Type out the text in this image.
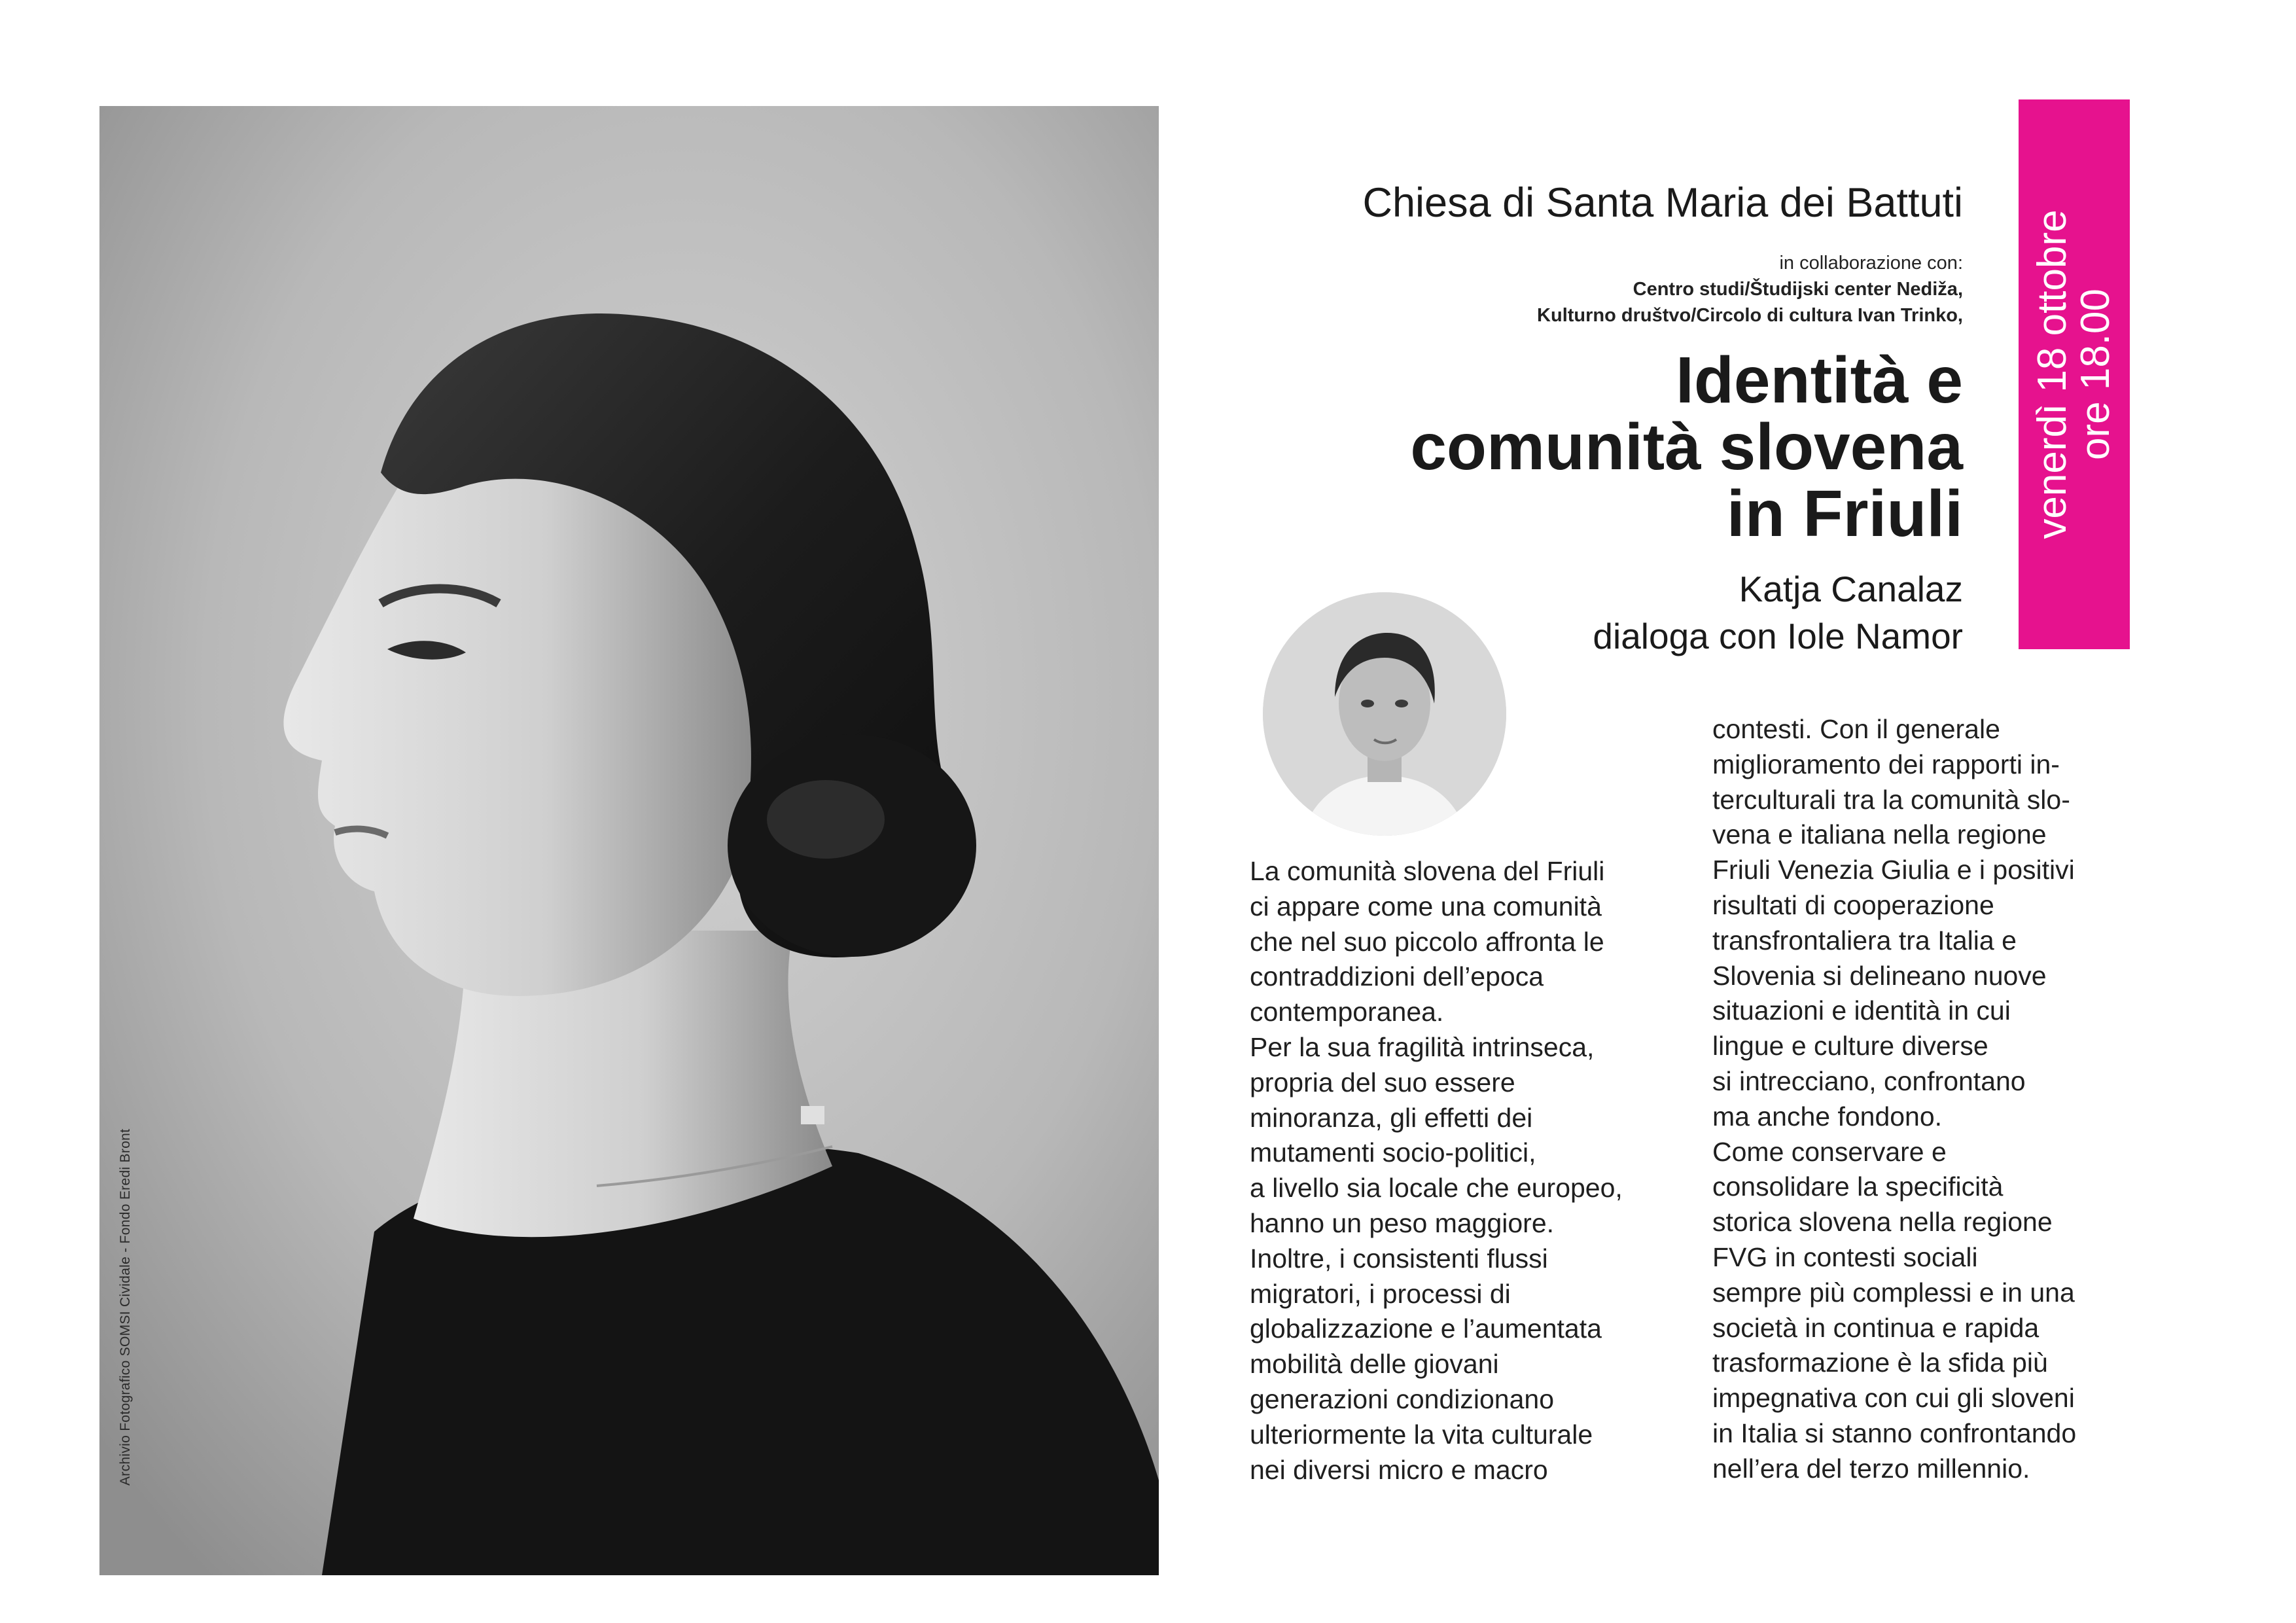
Archivio Fotografico SOMSI Cividale - Fondo Eredi Bront
venerdì 18 ottobre
ore 18.00
Chiesa di Santa Maria dei Battuti
in collaborazione con:
Centro studi/Študijski center Nediža,
Kulturno društvo/Circolo di cultura Ivan Trinko,
Identità e
comunità slovena
in Friuli
Katja Canalaz
dialoga con Iole Namor
La comunità slovena del Friuli
ci appare come una comunità
che nel suo piccolo affronta le
contraddizioni dell’epoca
contemporanea.
Per la sua fragilità intrinseca,
propria del suo essere
minoranza, gli effetti dei
mutamenti socio-politici,
a livello sia locale che europeo,
hanno un peso maggiore.
Inoltre, i consistenti flussi
migratori, i processi di
globalizzazione e l’aumentata
mobilità delle giovani
generazioni condizionano
ulteriormente la vita culturale
nei diversi micro e macro
contesti. Con il generale
miglioramento dei rapporti in-
terculturali tra la comunità slo-
vena e italiana nella regione
Friuli Venezia Giulia e i positivi
risultati di cooperazione
transfrontaliera tra Italia e
Slovenia si delineano nuove
situazioni e identità in cui
lingue e culture diverse
si intrecciano, confrontano
ma anche fondono.
Come conservare e
consolidare la specificità
storica slovena nella regione
FVG in contesti sociali
sempre più complessi e in una
società in continua e rapida
trasformazione è la sfida più
impegnativa con cui gli sloveni
in Italia si stanno confrontando
nell’era del terzo millennio.
